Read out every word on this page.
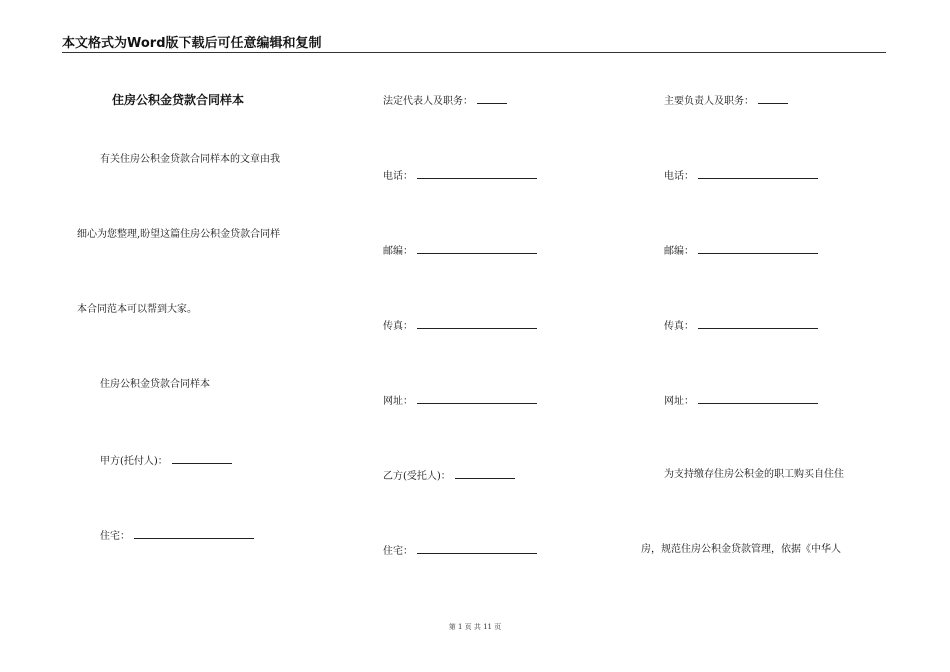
本文格式为Word版下载后可任意编辑和复制
住房公积金贷款合同样本
有关住房公积金贷款合同样本的文章由我
细心为您整理,盼望这篇住房公积金贷款合同样
本合同范本可以帮到大家。
住房公积金贷款合同样本
甲方(托付人)：
住宅：
法定代表人及职务：
电话：
邮编：
传真：
网址：
乙方(受托人)：
住宅：
主要负责人及职务：
电话：
邮编：
传真：
网址：
为支持缴存住房公积金的职工购买自住住
房，规范住房公积金贷款管理，依据《中华人
第 1 页 共 11 页
